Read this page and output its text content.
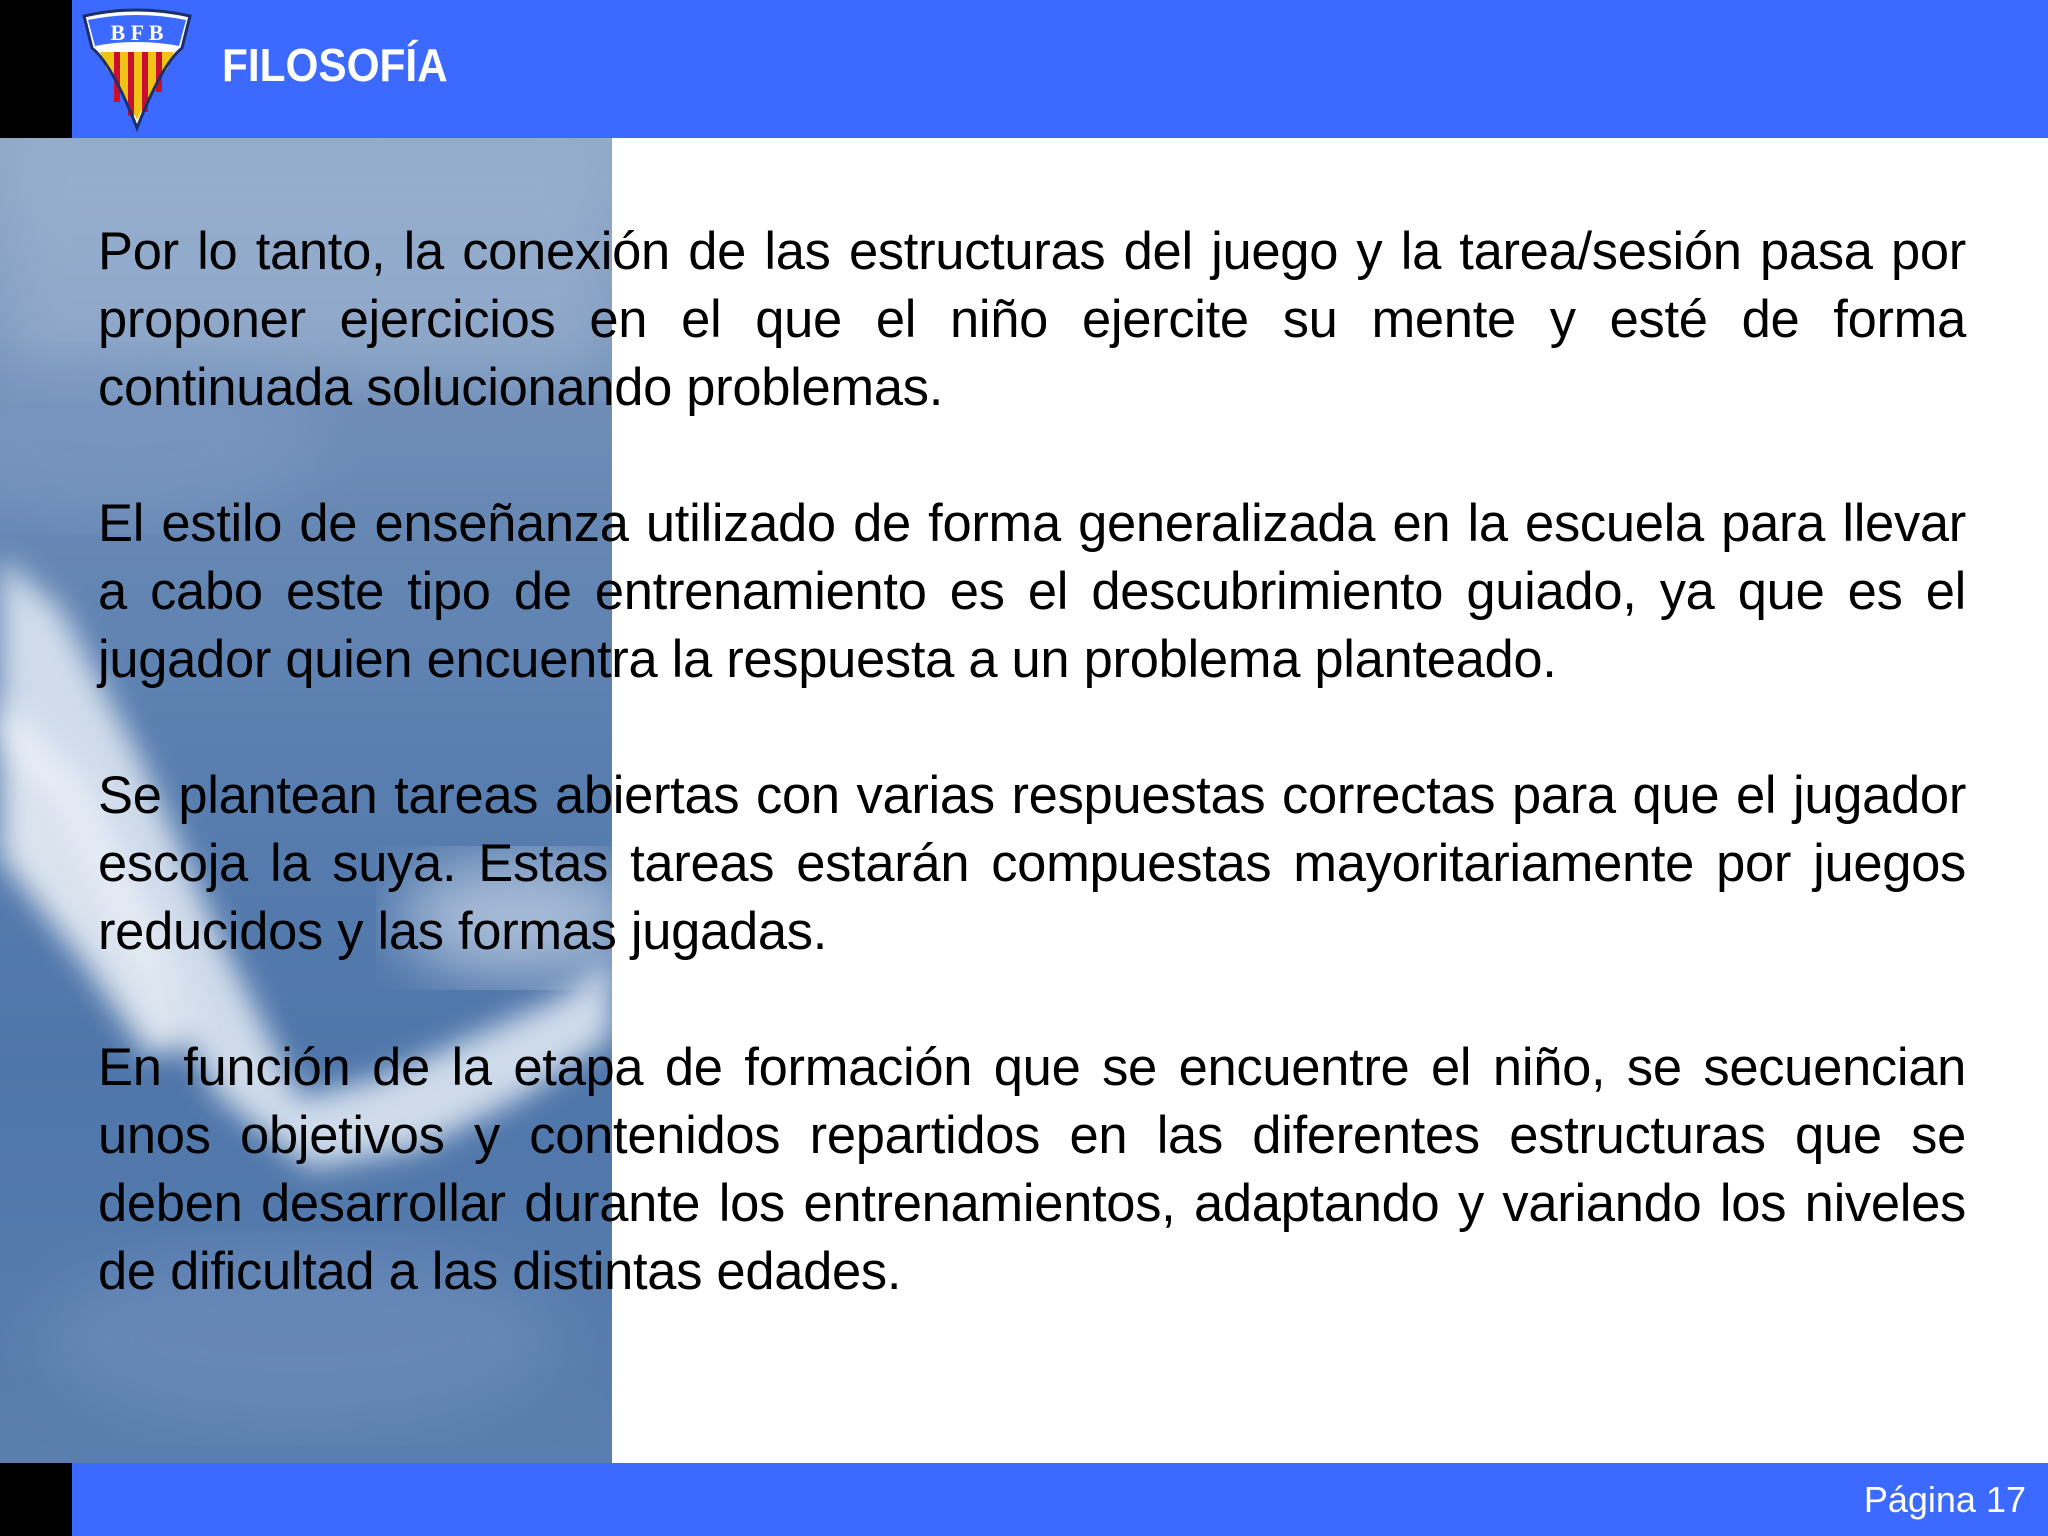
B F B
FILOSOFÍA

Por lo tanto, la conexión de las estructuras del juego y la tarea/sesión pasa por proponer ejercicios en el que el niño ejercite su mente y esté de forma continuada solucionando problemas.

El estilo de enseñanza utilizado de forma generalizada en la escuela para llevar a cabo este tipo de entrenamiento es el descubrimiento guiado, ya que es el jugador quien encuentra la respuesta a un problema planteado.

Se plantean tareas abiertas con varias respuestas correctas para que el jugador escoja la suya. Estas tareas estarán compuestas mayoritariamente por juegos reducidos y las formas jugadas.

En función de la etapa de formación que se encuentre el niño, se secuencian unos objetivos y contenidos repartidos en las diferentes estructuras que se deben desarrollar durante los entrenamientos, adaptando y variando los niveles de dificultad a las distintas edades.

Página 17
